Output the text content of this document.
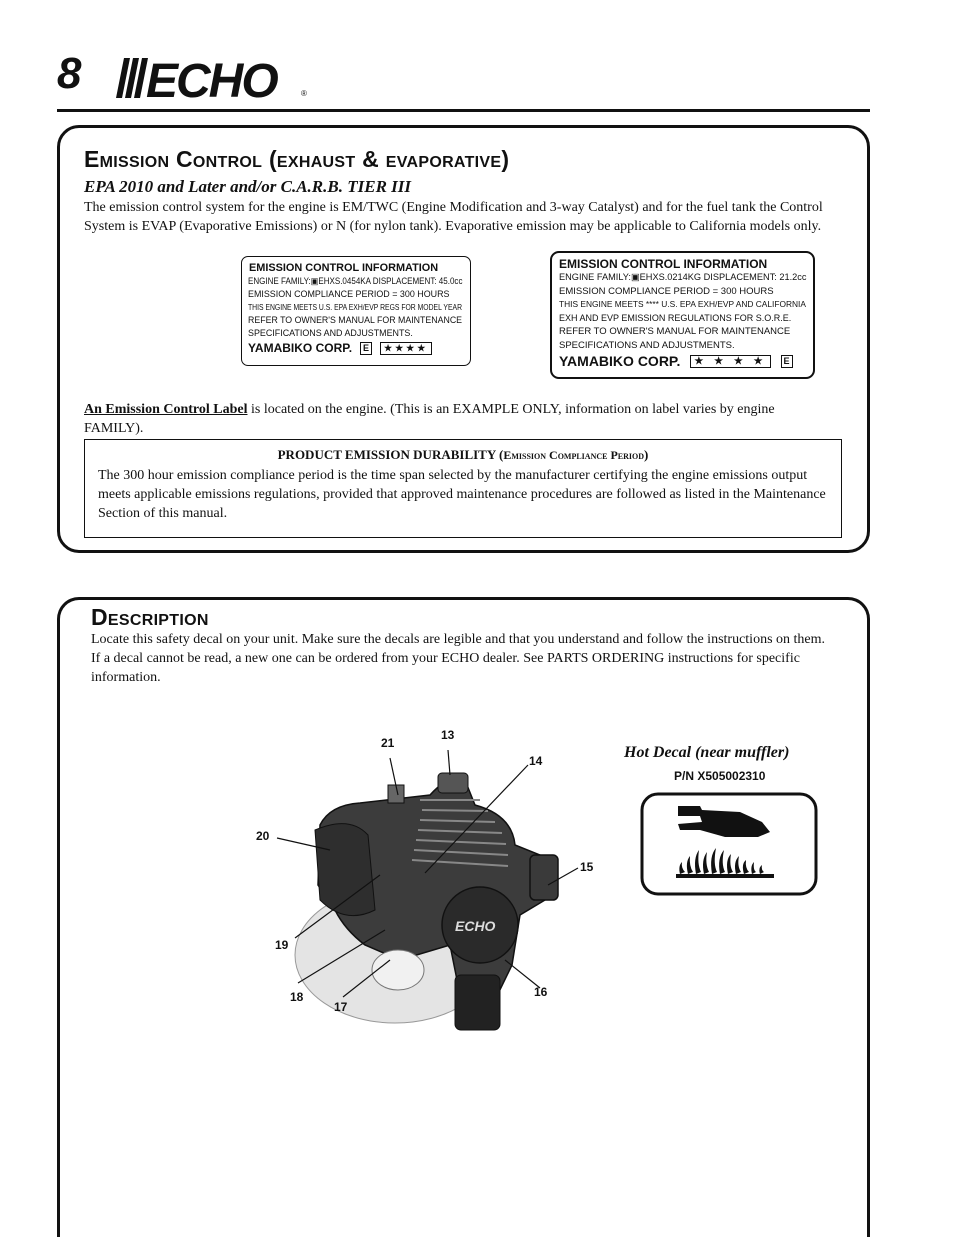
8 ECHO	®
Emission Control (exhaust & evaporative)
EPA 2010 and Later and/or C.A.R.B. TIER III
The emission control system for the engine is EM/TWC (Engine Modification and 3-way Catalyst) and for the fuel tank the Control System is EVAP (Evaporative Emissions) or N (for nylon tank). Evaporative emission may be applicable to California models only.
EMISSION CONTROL INFORMATION
ENGINE FAMILY:▣EHXS.0454KA DISPLACEMENT: 45.0cc
EMISSION COMPLIANCE PERIOD = 300 HOURS
THIS ENGINE MEETS U.S. EPA EXH/EVP REGS FOR MODEL YEAR
REFER TO OWNER'S MANUAL FOR MAINTENANCE
SPECIFICATIONS AND ADJUSTMENTS.
YAMABIKO CORP.	E	★★★★
EMISSION CONTROL INFORMATION
ENGINE FAMILY:▣EHXS.0214KG DISPLACEMENT: 21.2cc
EMISSION COMPLIANCE PERIOD = 300 HOURS
THIS ENGINE MEETS **** U.S. EPA EXH/EVP AND CALIFORNIA
EXH AND EVP EMISSION REGULATIONS FOR S.O.R.E.
REFER TO OWNER'S MANUAL FOR MAINTENANCE
SPECIFICATIONS AND ADJUSTMENTS.
YAMABIKO CORP.	★ ★ ★ ★	E
An Emission Control Label is located on the engine. (This is an EXAMPLE ONLY, information on label varies by engine FAMILY).
PRODUCT EMISSION DURABILITY (Emission Compliance Period)
The 300 hour emission compliance period is the time span selected by the manufacturer certifying the engine emissions output meets applicable emissions regulations, provided that approved maintenance procedures are followed as listed in the Maintenance Section of this manual.
Description
Locate this safety decal on your unit. Make sure the decals are legible and that you understand and follow the instructions on them. If a decal cannot be read, a new one can be ordered from your ECHO dealer. See PARTS ORDERING instructions for specific information.
ECHO
21
13
14
20
15
19
18
17
16
Hot Decal (near muffler)
P/N X505002310
